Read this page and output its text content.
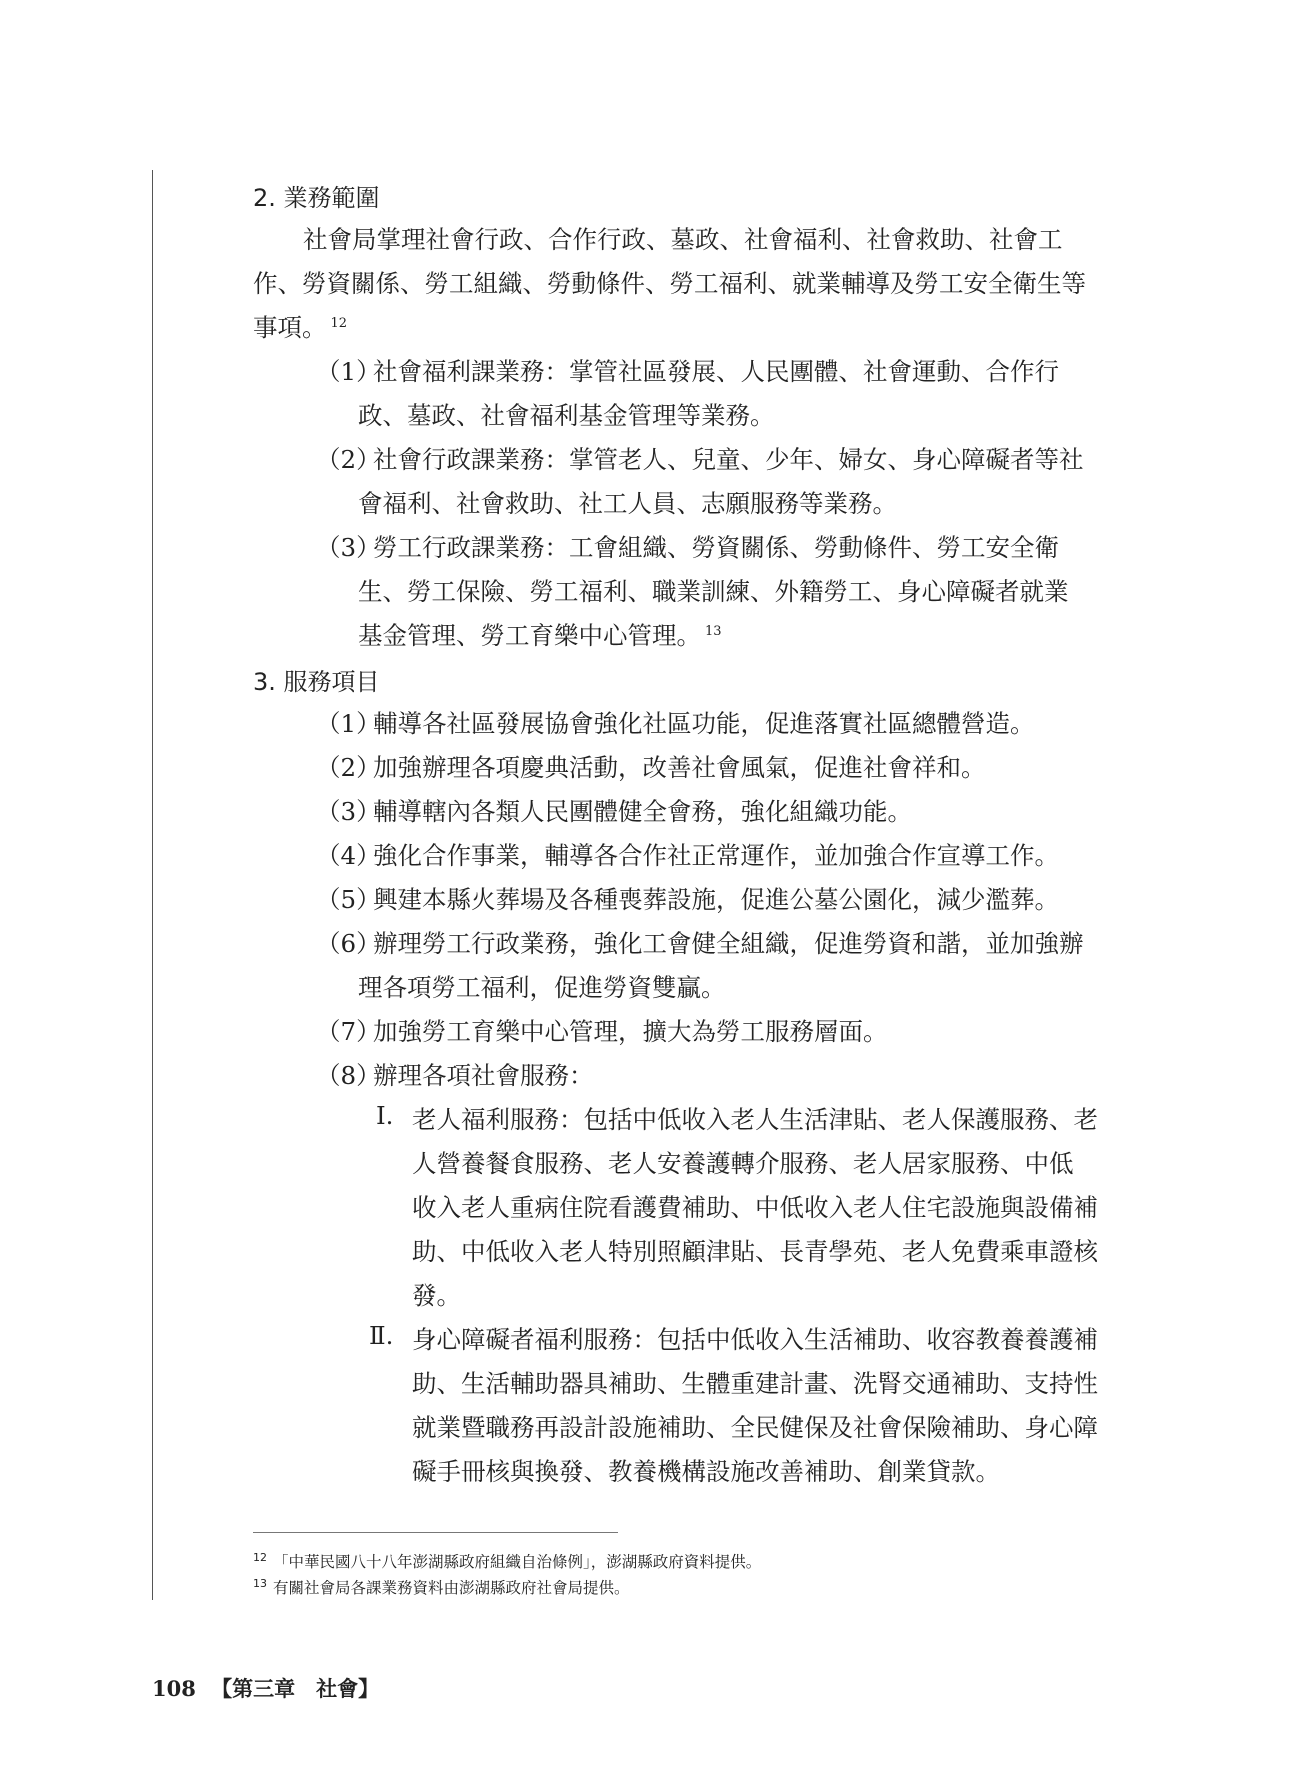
2. 業務範圍
社會局掌理社會行政、合作行政、墓政、社會福利、社會救助、社會工
作、勞資關係、勞工組織、勞動條件、勞工福利、就業輔導及勞工安全衛生等
事項。 $^{12}$
（1）
社會福利課業務：掌管社區發展、人民團體、社會運動、合作行
政、墓政、社會福利基金管理等業務。
（2）
社會行政課業務：掌管老人、兒童、少年、婦女、身心障礙者等社
會福利、社會救助、社工人員、志願服務等業務。
（3）
勞工行政課業務：工會組織、勞資關係、勞動條件、勞工安全衛
生、勞工保險、勞工福利、職業訓練、外籍勞工、身心障礙者就業
基金管理、勞工育樂中心管理。 $^{13}$
3. 服務項目
（1）
輔導各社區發展協會強化社區功能，促進落實社區總體營造。
（2）
加強辦理各項慶典活動，改善社會風氣，促進社會祥和。
（3）
輔導轄內各類人民團體健全會務，強化組織功能。
（4）
強化合作事業，輔導各合作社正常運作，並加強合作宣導工作。
（5）
興建本縣火葬場及各種喪葬設施，促進公墓公園化，減少濫葬。
（6）
辦理勞工行政業務，強化工會健全組織，促進勞資和諧，並加強辦
理各項勞工福利，促進勞資雙贏。
（7）
加強勞工育樂中心管理，擴大為勞工服務層面。
（8）
辦理各項社會服務：
Ⅰ. 老人福利服務：包括中低收入老人生活津貼、老人保護服務、老
人營養餐食服務、老人安養護轉介服務、老人居家服務、中低
收入老人重病住院看護費補助、中低收入老人住宅設施與設備補
助、中低收入老人特別照顧津貼、長青學苑、老人免費乘車證核
發。
Ⅱ. 身心障礙者福利服務：包括中低收入生活補助、收容教養養護補
助、生活輔助器具補助、生體重建計畫、洗腎交通補助、支持性
就業暨職務再設計設施補助、全民健保及社會保險補助、身心障
礙手冊核與換發、教養機構設施改善補助、創業貸款。
$^{12}$ 「中華民國八十八年澎湖縣政府組織自治條例」，澎湖縣政府資料提供。
$^{13}$ 有關社會局各課業務資料由澎湖縣政府社會局提供。
108 【第三章　社會】
